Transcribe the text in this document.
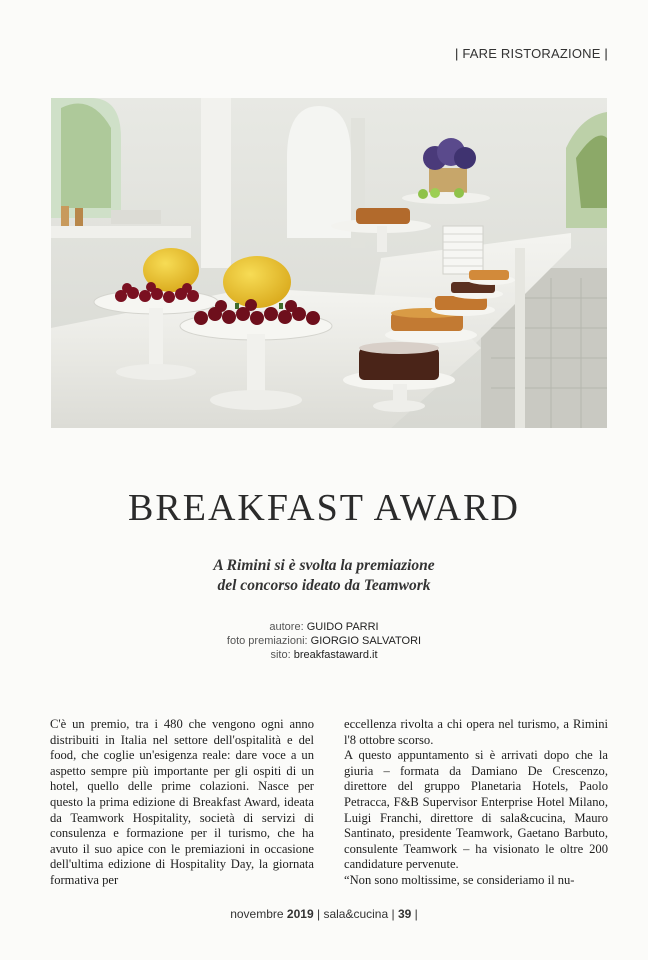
| FARE RISTORAZIONE |
BREAKFAST AWARD
A Rimini si è svolta la premiazione
del concorso ideato da Teamwork
autore: GUIDO PARRI
foto premiazioni: GIORGIO SALVATORI
sito: breakfastaward.it

C'è un premio, tra i 480 che vengono ogni anno distribuiti in Italia nel settore dell'ospitalità e del food, che coglie un'esigenza reale: dare voce a un aspetto sempre più importante per gli ospiti di un hotel, quello delle prime colazioni. Nasce per questo la prima edizione di Breakfast Award, ideata da Teamwork Hospitality, società di servizi di consulenza e formazione per il turismo, che ha avuto il suo apice con le premiazioni in occasione dell'ultima edizione di Hospitality Day, la giornata formativa per

eccellenza rivolta a chi opera nel turismo, a Rimini l'8 ottobre scorso.

A questo appuntamento si è arrivati dopo che la giuria – formata da Damiano De Crescenzo, direttore del gruppo Planetaria Hotels, Paolo Petracca, F&B Supervisor Enterprise Hotel Milano, Luigi Franchi, direttore di sala&cucina, Mauro Santinato, presidente Teamwork, Gaetano Barbuto, consulente Teamwork – ha visionato le oltre 200 candidature pervenute.

“Non sono moltissime, se consideriamo il nu-

novembre 2019 | sala&cucina | 39 |
